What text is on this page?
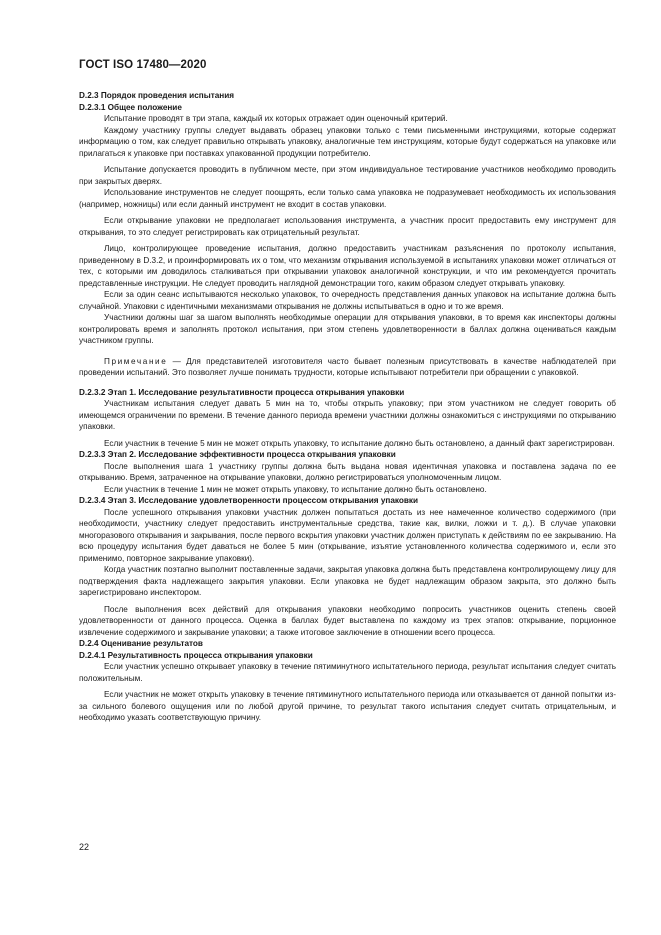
ГОСТ ISO 17480—2020

D.2.3 Порядок проведения испытания

D.2.3.1 Общее положение

Испытание проводят в три этапа, каждый их которых отражает один оценочный критерий.

Каждому участнику группы следует выдавать образец упаковки только с теми письменными инструкциями, которые содержат информацию о том, как следует правильно открывать упаковку, аналогичные тем инструкциям, которые будут содержаться на упаковке или прилагаться к упаковке при поставках упакованной продукции потребителю.

Испытание допускается проводить в публичном месте, при этом индивидуальное тестирование участников необходимо проводить при закрытых дверях.

Использование инструментов не следует поощрять, если только сама упаковка не подразумевает необходимость их использования (например, ножницы) или если данный инструмент не входит в состав упаковки.

Если открывание упаковки не предполагает использования инструмента, а участник просит предоставить ему инструмент для открывания, то это следует регистрировать как отрицательный результат.

Лицо, контролирующее проведение испытания, должно предоставить участникам разъяснения по протоколу испытания, приведенному в D.3.2, и проинформировать их о том, что механизм открывания используемой в испытаниях упаковки может отличаться от тех, с которыми им доводилось сталкиваться при открывании упаковок аналогичной конструкции, и что им рекомендуется прочитать представленные инструкции. Не следует проводить наглядной демонстрации того, каким образом следует открывать упаковку.

Если за один сеанс испытываются несколько упаковок, то очередность представления данных упаковок на испытание должна быть случайной. Упаковки с идентичными механизмами открывания не должны испытываться в одно и то же время.

Участники должны шаг за шагом выполнять необходимые операции для открывания упаковки, в то время как инспекторы должны контролировать время и заполнять протокол испытания, при этом степень удовлетворенности в баллах должна оцениваться каждым участником группы.

Примечание — Для представителей изготовителя часто бывает полезным присутствовать в качестве наблюдателей при проведении испытаний. Это позволяет лучше понимать трудности, которые испытывают потребители при обращении с упаковкой.

D.2.3.2 Этап 1. Исследование результативности процесса открывания упаковки

Участникам испытания следует давать 5 мин на то, чтобы открыть упаковку; при этом участником не следует говорить об имеющемся ограничении по времени. В течение данного периода времени участники должны ознакомиться с инструкциями по открыванию упаковки.

Если участник в течение 5 мин не может открыть упаковку, то испытание должно быть остановлено, а данный факт зарегистрирован.

D.2.3.3 Этап 2. Исследование эффективности процесса открывания упаковки

После выполнения шага 1 участнику группы должна быть выдана новая идентичная упаковка и поставлена задача по ее открыванию. Время, затраченное на открывание упаковки, должно регистрироваться уполномоченным лицом.

Если участник в течение 1 мин не может открыть упаковку, то испытание должно быть остановлено.

D.2.3.4 Этап 3. Исследование удовлетворенности процессом открывания упаковки

После успешного открывания упаковки участник должен попытаться достать из нее намеченное количество содержимого (при необходимости, участнику следует предоставить инструментальные средства, такие как, вилки, ложки и т. д.). В случае упаковки многоразового открывания и закрывания, после первого вскрытия упаковки участник должен приступать к действиям по ее закрыванию. На всю процедуру испытания будет даваться не более 5 мин (открывание, изъятие установленного количества содержимого и, если это применимо, повторное закрывание упаковки).

Когда участник поэтапно выполнит поставленные задачи, закрытая упаковка должна быть представлена контролирующему лицу для подтверждения факта надлежащего закрытия упаковки. Если упаковка не будет надлежащим образом закрыта, это должно быть зарегистрировано инспектором.

После выполнения всех действий для открывания упаковки необходимо попросить участников оценить степень своей удовлетворенности от данного процесса. Оценка в баллах будет выставлена по каждому из трех этапов: открывание, порционное извлечение содержимого и закрывание упаковки; а также итоговое заключение в отношении всего процесса.

D.2.4 Оценивание результатов

D.2.4.1 Результативность процесса открывания упаковки

Если участник успешно открывает упаковку в течение пятиминутного испытательного периода, результат испытания следует считать положительным.

Если участник не может открыть упаковку в течение пятиминутного испытательного периода или отказывается от данной попытки из-за сильного болевого ощущения или по любой другой причине, то результат такого испытания следует считать отрицательным, и необходимо указать соответствующую причину.

22
